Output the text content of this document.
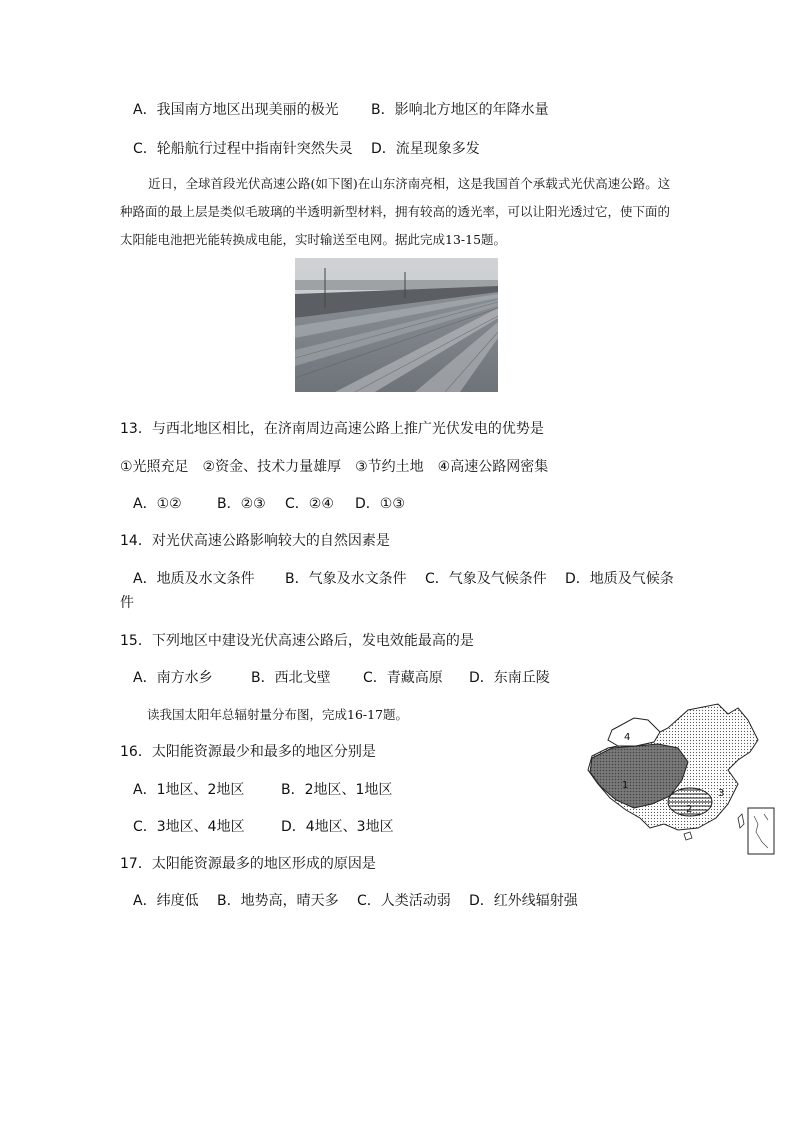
A．我国南方地区出现美丽的极光 B．影响北方地区的年降水量
C．轮船航行过程中指南针突然失灵 D．流星现象多发
近日，全球首段光伏高速公路(如下图)在山东济南亮相，这是我国首个承载式光伏高速公路。这种路面的最上层是类似毛玻璃的半透明新型材料，拥有较高的透光率，可以让阳光透过它，使下面的太阳能电池把光能转换成电能，实时输送至电网。据此完成13-15题。
13．与西北地区相比，在济南周边高速公路上推广光伏发电的优势是
①光照充足　②资金、技术力量雄厚　③节约土地　④高速公路网密集
A．①②	B．②③ C．②④ D．①③
14．对光伏高速公路影响较大的自然因素是
A．地质及水文条件 B．气象及水文条件 C．气象及气候条件 D．地质及气候条
件
15．下列地区中建设光伏高速公路后，发电效能最高的是
A．南方水乡	B．西北戈壁 C．青藏高原 D．东南丘陵
读我国太阳年总辐射量分布图，完成16-17题。
16．太阳能资源最少和最多的地区分别是
A．1地区、2地区	B．2地区、1地区
C．3地区、4地区	D．4地区、3地区
17．太阳能资源最多的地区形成的原因是
A．纬度低 B．地势高，晴天多 C．人类活动弱 D．红外线辐射强
4
1
2
3
